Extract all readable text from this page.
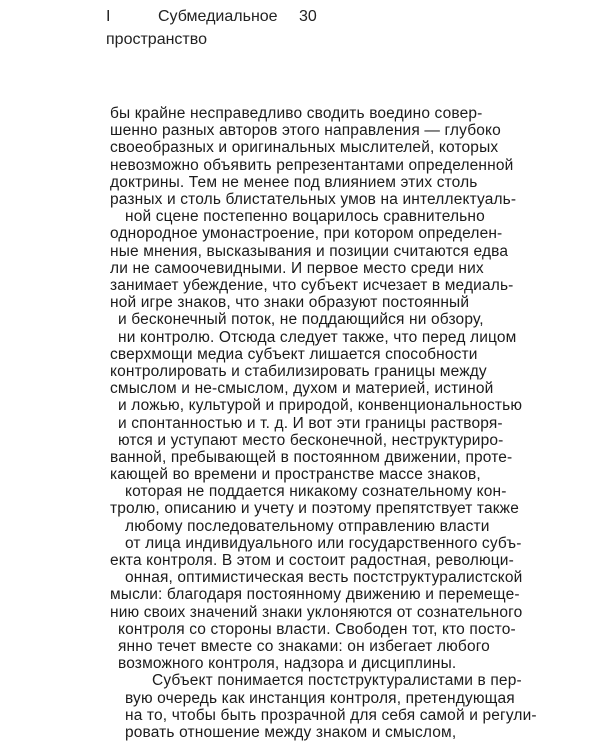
I	Субмедиальное 30
пространство
бы крайне несправедливо сводить воедино совер-
шенно разных авторов этого направления — глубоко
своеобразных и оригинальных мыслителей, которых
невозможно объявить репрезентантами определенной
доктрины. Тем не менее под влиянием этих столь
разных и столь блистательных умов на интеллектуаль-
ной сцене постепенно воцарилось сравнительно
однородное умонастроение, при котором определен-
ные мнения, высказывания и позиции считаются едва
ли не самоочевидными. И первое место среди них
занимает убеждение, что субъект исчезает в медиаль-
ной игре знаков, что знаки образуют постоянный
и бесконечный поток, не поддающийся ни обзору,
ни контролю. Отсюда следует также, что перед лицом
сверхмощи медиа субъект лишается способности
контролировать и стабилизировать границы между
смыслом и не-смыслом, духом и материей, истиной
и ложью, культурой и природой, конвенциональностью
и спонтанностью и т. д. И вот эти границы растворя-
ются и уступают место бесконечной, неструктуриро-
ванной, пребывающей в постоянном движении, проте-
кающей во времени и пространстве массе знаков,
которая не поддается никакому сознательному кон-
тролю, описанию и учету и поэтому препятствует также
любому последовательному отправлению власти
от лица индивидуального или государственного субъ-
екта контроля. В этом и состоит радостная, революци-
онная, оптимистическая весть постструктуралистской
мысли: благодаря постоянному движению и перемеще-
нию своих значений знаки уклоняются от сознательного
контроля со стороны власти. Свободен тот, кто посто-
янно течет вместе со знаками: он избегает любого
возможного контроля, надзора и дисциплины.
Субъект понимается постструктуралистами в пер-
вую очередь как инстанция контроля, претендующая
на то, чтобы быть прозрачной для себя самой и регули-
ровать отношение между знаком и смыслом,
